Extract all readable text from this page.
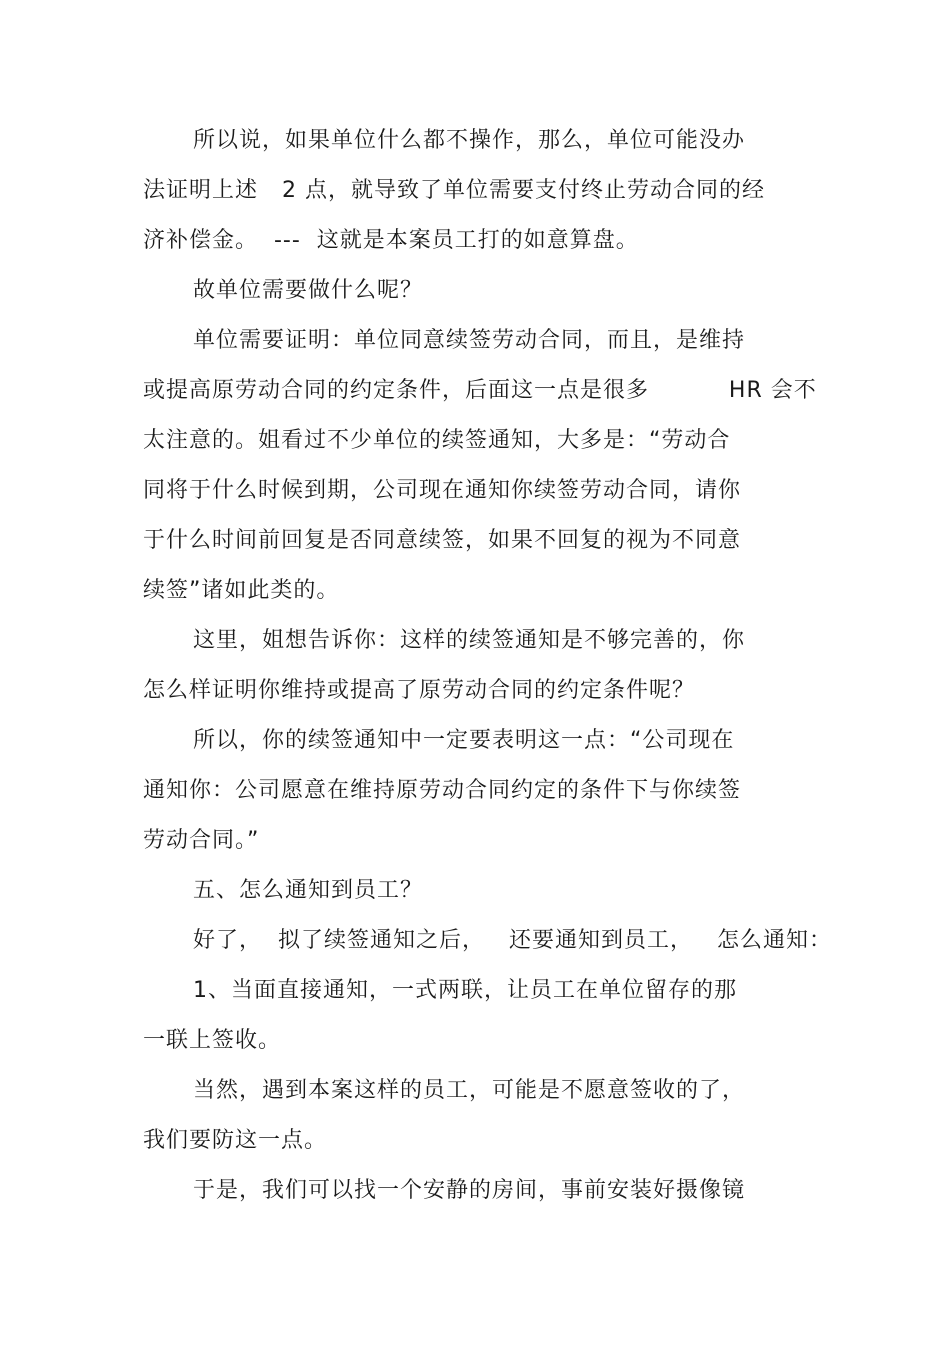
所以说，如果单位什么都不操作，那么，单位可能没办
法证明上述   2 点，就导致了单位需要支付终止劳动合同的经
济补偿金。  ---  这就是本案员工打的如意算盘。
故单位需要做什么呢？
单位需要证明：单位同意续签劳动合同，而且，是维持
或提高原劳动合同的约定条件，后面这一点是很多          HR 会不
太注意的。姐看过不少单位的续签通知，大多是：“劳动合
同将于什么时候到期，公司现在通知你续签劳动合同，请你
于什么时间前回复是否同意续签，如果不回复的视为不同意
续签”诸如此类的。
这里，姐想告诉你：这样的续签通知是不够完善的，你
怎么样证明你维持或提高了原劳动合同的约定条件呢？
所以，你的续签通知中一定要表明这一点：“公司现在
通知你：公司愿意在维持原劳动合同约定的条件下与你续签
劳动合同。”
五、怎么通知到员工？
好了，  拟了续签通知之后，   还要通知到员工，   怎么通知：
1、当面直接通知，一式两联，让员工在单位留存的那
一联上签收。
当然，遇到本案这样的员工，可能是不愿意签收的了，
我们要防这一点。
于是，我们可以找一个安静的房间，事前安装好摄像镜
